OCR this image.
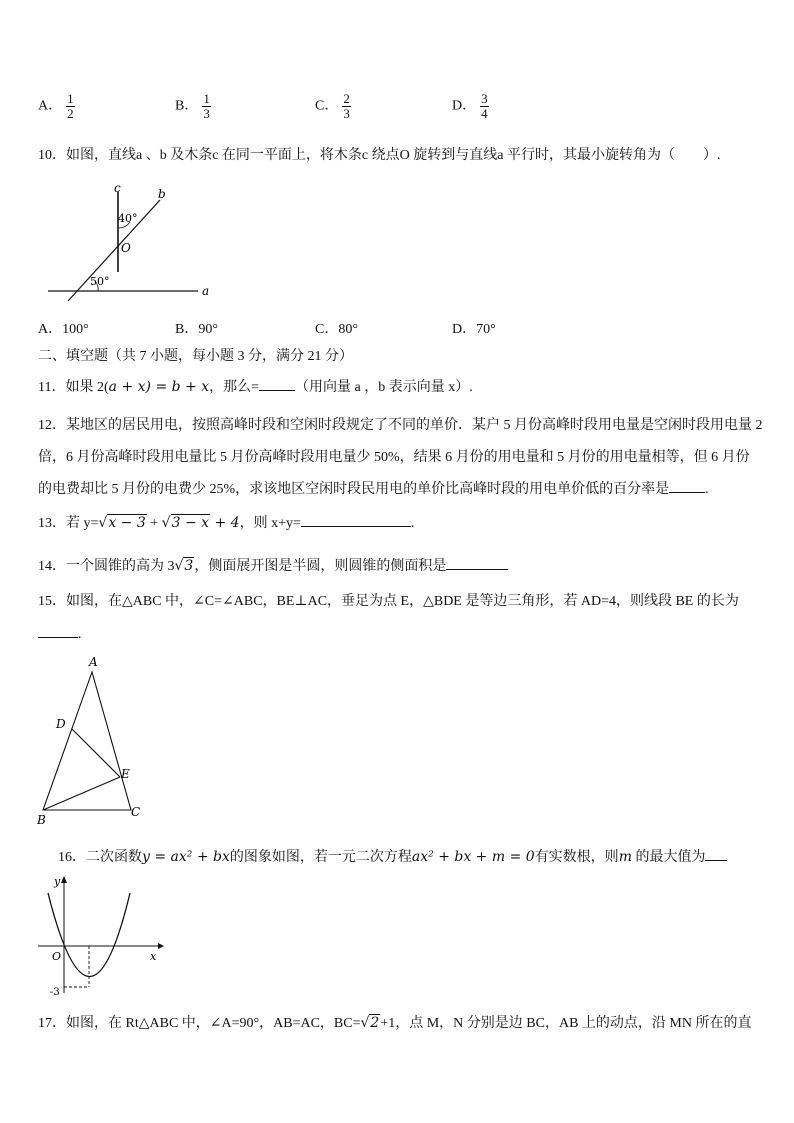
A． $\frac{1}{2}$	B． $\frac{1}{3}$	C． $\frac{2}{3}$	D． $\frac{3}{4}$
10．如图，直线a 、b 及木条c 在同一平面上，将木条c 绕点O 旋转到与直线a 平行时，其最小旋转角为（　　）.
c	b
40°
O
50°
a
A．100°	B．90°	C．80°	D．70°
二、填空题（共 7 小题，每小题 3 分，满分 21 分）
11．如果 2(a + x) = b + x，那么=	（用向量 a ，b 表示向量 x）.
12．某地区的居民用电，按照高峰时段和空闲时段规定了不同的单价．某户 5 月份高峰时段用电量是空闲时段用电量 2
倍，6 月份高峰时段用电量比 5 月份高峰时段用电量少 50%，结果 6 月份的用电量和 5 月份的用电量相等，但 6 月份
的电费却比 5 月份的电费少 25%，求该地区空闲时段民用电的单价比高峰时段的用电单价低的百分率是	.
13．若 y=√x − 3 + √3 − x + 4，则 x+y=	.
14．一个圆锥的高为 3√3，侧面展开图是半圆，则圆锥的侧面积是
15．如图，在△ABC 中，∠C=∠ABC，BE⊥AC，垂足为点 E，△BDE 是等边三角形，若 AD=4，则线段 BE 的长为
.
A
D
E
B
C
16．二次函数y = ax² + bx的图象如图，若一元二次方程ax² + bx + m = 0有实数根，则m 的最大值为
y
x
O
-3
17．如图，在 Rt△ABC 中，∠A=90°，AB=AC，BC=√2+1，点 M，N 分别是边 BC，AB 上的动点，沿 MN 所在的直
